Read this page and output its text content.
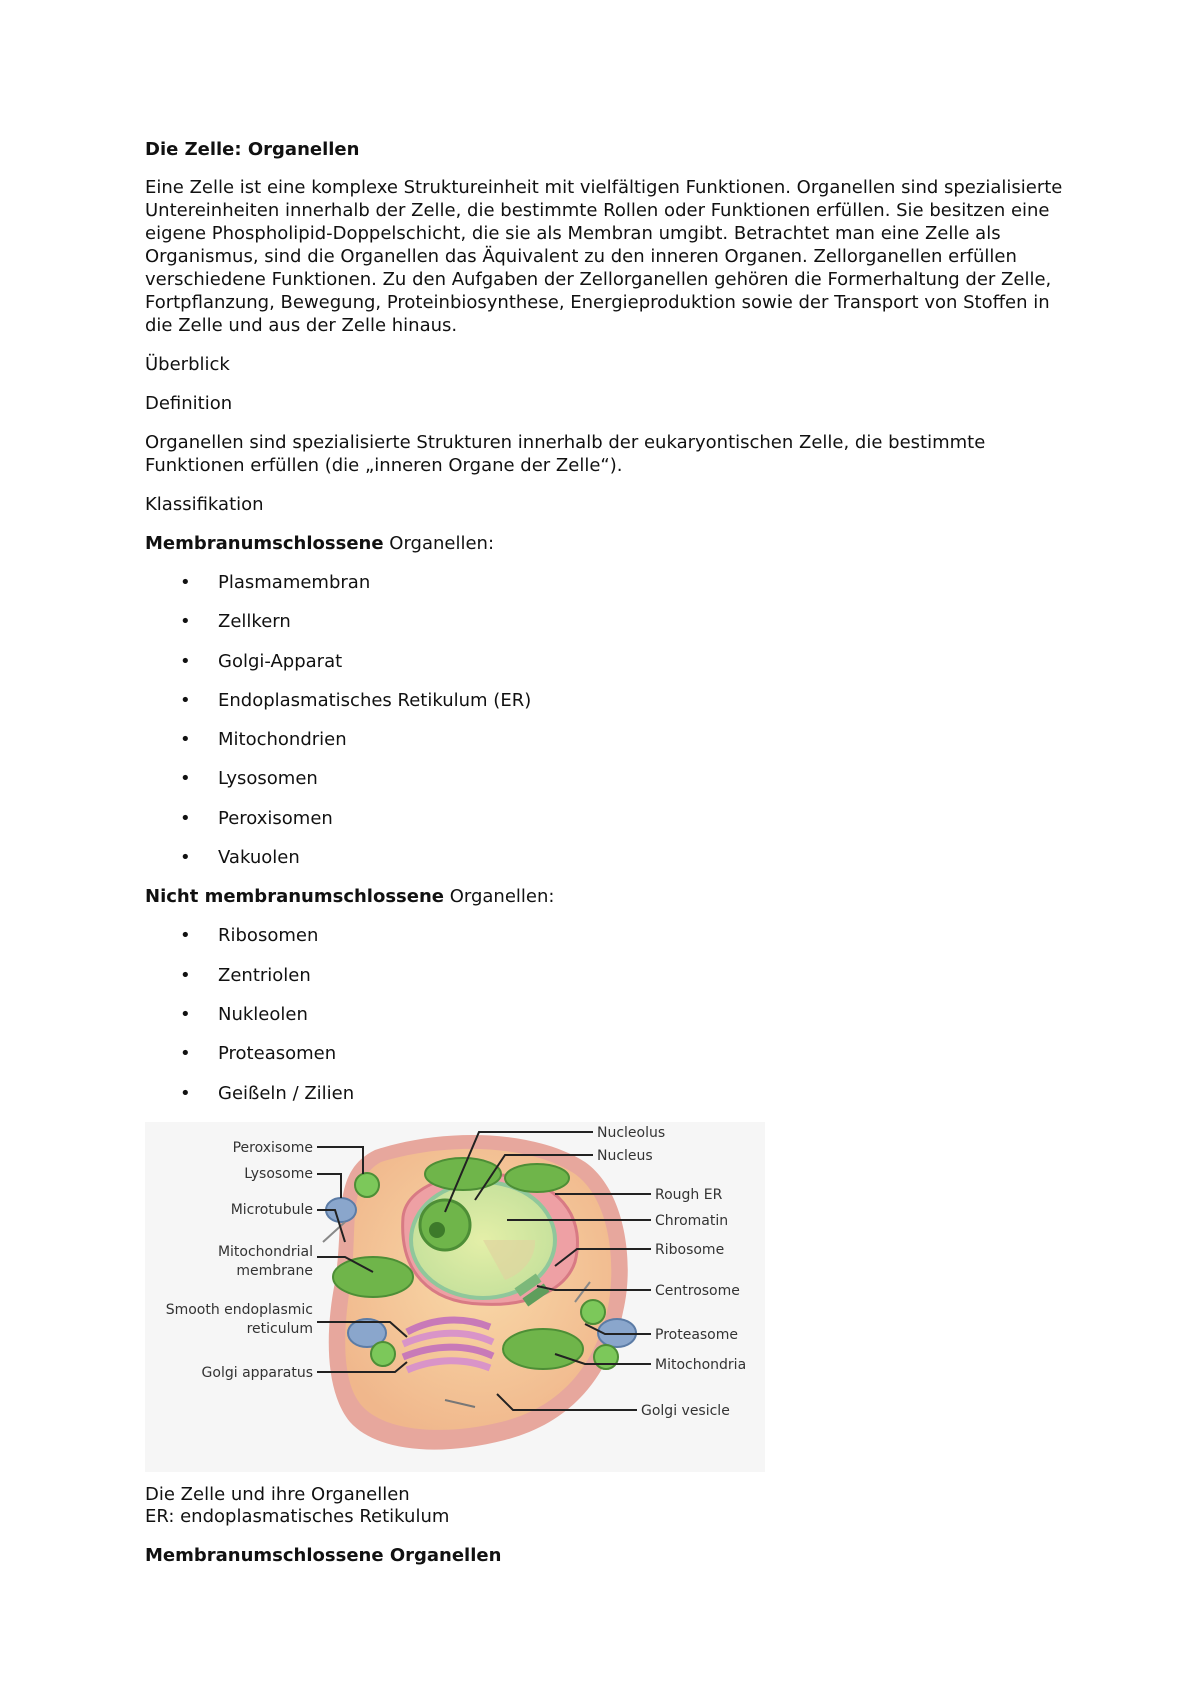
Die Zelle: Organellen

Eine Zelle ist eine komplexe Struktureinheit mit vielfältigen Funktionen. Organellen sind spezialisierte Untereinheiten innerhalb der Zelle, die bestimmte Rollen oder Funktionen erfüllen. Sie besitzen eine eigene Phospholipid-Doppelschicht, die sie als Membran umgibt. Betrachtet man eine Zelle als Organismus, sind die Organellen das Äquivalent zu den inneren Organen. Zellorganellen erfüllen verschiedene Funktionen. Zu den Aufgaben der Zellorganellen gehören die Formerhaltung der Zelle, Fortpflanzung, Bewegung, Proteinbiosynthese, Energieproduktion sowie der Transport von Stoffen in die Zelle und aus der Zelle hinaus.

Überblick

Definition

Organellen sind spezialisierte Strukturen innerhalb der eukaryontischen Zelle, die bestimmte Funktionen erfüllen (die „inneren Organe der Zelle“).

Klassifikation

Membranumschlossene Organellen:

• Plasmamembran
• Zellkern
• Golgi-Apparat
• Endoplasmatisches Retikulum (ER)
• Mitochondrien
• Lysosomen
• Peroxisomen
• Vakuolen

Nicht membranumschlossene Organellen:

• Ribosomen
• Zentriolen
• Nukleolen
• Proteasomen
• Geißeln / Zilien
Peroxisome
Lysosome
Microtubule
Mitochondrial
membrane
Smooth endoplasmic
reticulum
Golgi apparatus
Nucleolus
Nucleus
Rough ER
Chromatin
Ribosome
Centrosome
Proteasome
Mitochondria
Golgi vesicle

Die Zelle und ihre Organellen

ER: endoplasmatisches Retikulum

Membranumschlossene Organellen
